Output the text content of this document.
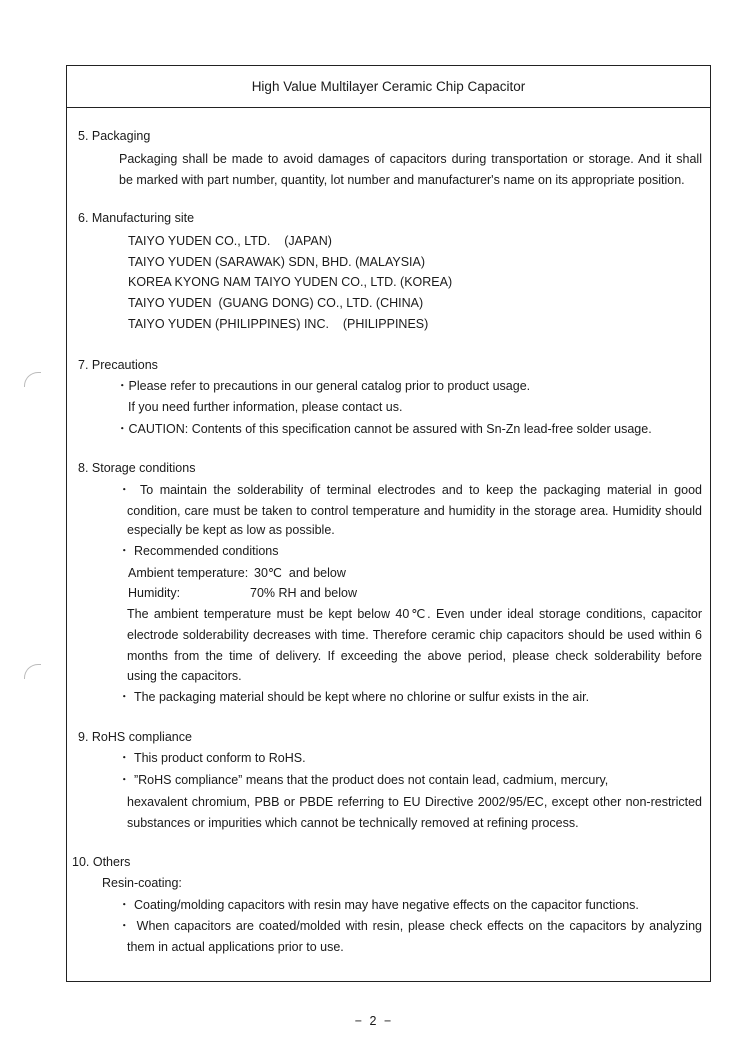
High Value Multilayer Ceramic Chip Capacitor
5. Packaging
Packaging shall be made to avoid damages of capacitors during transportation or storage. And it shall
be marked with part number, quantity, lot number and manufacturer's name on its appropriate position.
6. Manufacturing site
TAIYO YUDEN CO., LTD.    (JAPAN)
TAIYO YUDEN (SARAWAK) SDN, BHD. (MALAYSIA)
KOREA KYONG NAM TAIYO YUDEN CO., LTD. (KOREA)
TAIYO YUDEN  (GUANG DONG) CO., LTD. (CHINA)
TAIYO YUDEN (PHILIPPINES) INC.    (PHILIPPINES)
7. Precautions
・Please refer to precautions in our general catalog prior to product usage.
If you need further information, please contact us.
・CAUTION: Contents of this specification cannot be assured with Sn-Zn lead-free solder usage.
8. Storage conditions
・ To maintain the solderability of terminal electrodes and to keep the packaging material in good
condition, care must be taken to control temperature and humidity in the storage area. Humidity should
especially be kept as low as possible.
・ Recommended conditions
Ambient temperature: 30℃  and below
Humidity:	70% RH and below
The ambient temperature must be kept below 40℃. Even under ideal storage conditions, capacitor
electrode solderability decreases with time. Therefore ceramic chip capacitors should be used within 6
months from the time of delivery. If exceeding the above period, please check solderability before
using the capacitors.
・ The packaging material should be kept where no chlorine or sulfur exists in the air.
9. RoHS compliance
・ This product conform to RoHS.
・ ”RoHS compliance” means that the product does not contain lead, cadmium, mercury,
hexavalent chromium, PBB or PBDE referring to EU Directive 2002/95/EC, except other non-restricted
substances or impurities which cannot be technically removed at refining process.
10. Others
Resin-coating:
・ Coating/molding capacitors with resin may have negative effects on the capacitor functions.
・ When capacitors are coated/molded with resin, please check effects on the capacitors by analyzing
them in actual applications prior to use.
− 2 −
